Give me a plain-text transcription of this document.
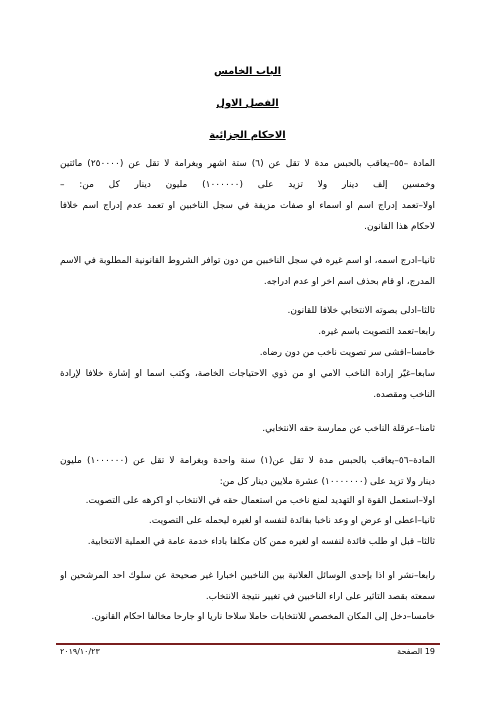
الباب الخامس
الفصل الاول
الاحكام الجزائية
المادة –٥٥–يعاقب بالحبس مدة لا تقل عن (٦) ستة أشهر وبغرامة لا تقل عن (٢٥٠٠٠٠) مائتين
وخمسين إلف دينار ولا تزيد على (١٠٠٠٠٠٠) مليون دينار كل من: –
أولاً–تعمد إدراج اسم أو أسماء أو صفات مزيفة في سجل الناخبين أو تعمد عدم إدراج أسم خلافاً
لأحكام هذا القانون.
ثانياً–أدرج أسمه، أو أسم غيره في سجل الناخبين من دون توافر الشروط القانونية المطلوبة في الاسم
المدرج، أو قام بحذف اسم آخر أو عدم ادراجه.
ثالثاً–أدلى بصوته الانتخابي خلافاً للقانون.
رابعاً–تعمد التصويت باسم غيره.
خامساً–أفشى سر تصويت ناخب من دون رضاه.
سابعاً–غيّر إرادة الناخب الأمي أو من ذوي الاحتياجات الخاصة، وكتب أسماً أو إشارة خلافاً لإرادة
الناخب ومقصده.
ثامناً–عرقلة الناخب عن ممارسة حقه الانتخابي.
المادة–٥٦–يعاقب بالحبس مدة لا تقل عن(١) سنة واحدة وبغرامة لا تقل عن (١٠٠٠٠٠٠) مليون
دينار ولا تزيد على (١٠٠٠٠٠٠٠) عشرة ملايين دينار كل من:
أولاً–استعمل القوة أو التهديد لمنع ناخب من استعمال حقه في الانتخاب أو أكرهه على التصويت.
ثانياً–أعطى أو عرض أو وعد ناخباً بفائدة لنفسه أو لغيره ليحمله على التصويت.
ثالثاً– قبل أو طلب فائدة لنفسه أو لغيره ممن كان مكلفاً بأداء خدمة عامة في العملية الانتخابية.
رابعاً–نشر أو أذا بإحدى الوسائل العلانية بين الناخبين أخباراً غير صحيحة عن سلوك أحد المرشحين أو
سمعته بقصد التأثير على أراء الناخبين في تغيير نتيجة الانتخاب.
خامساً–دخل إلى المكان المخصص للانتخابات حاملاً سلاحاً نارياً أو جارحاً مخالفاً أحكام القانون.
٢٠١٩/١٠/٢٣	19 الصفحة
